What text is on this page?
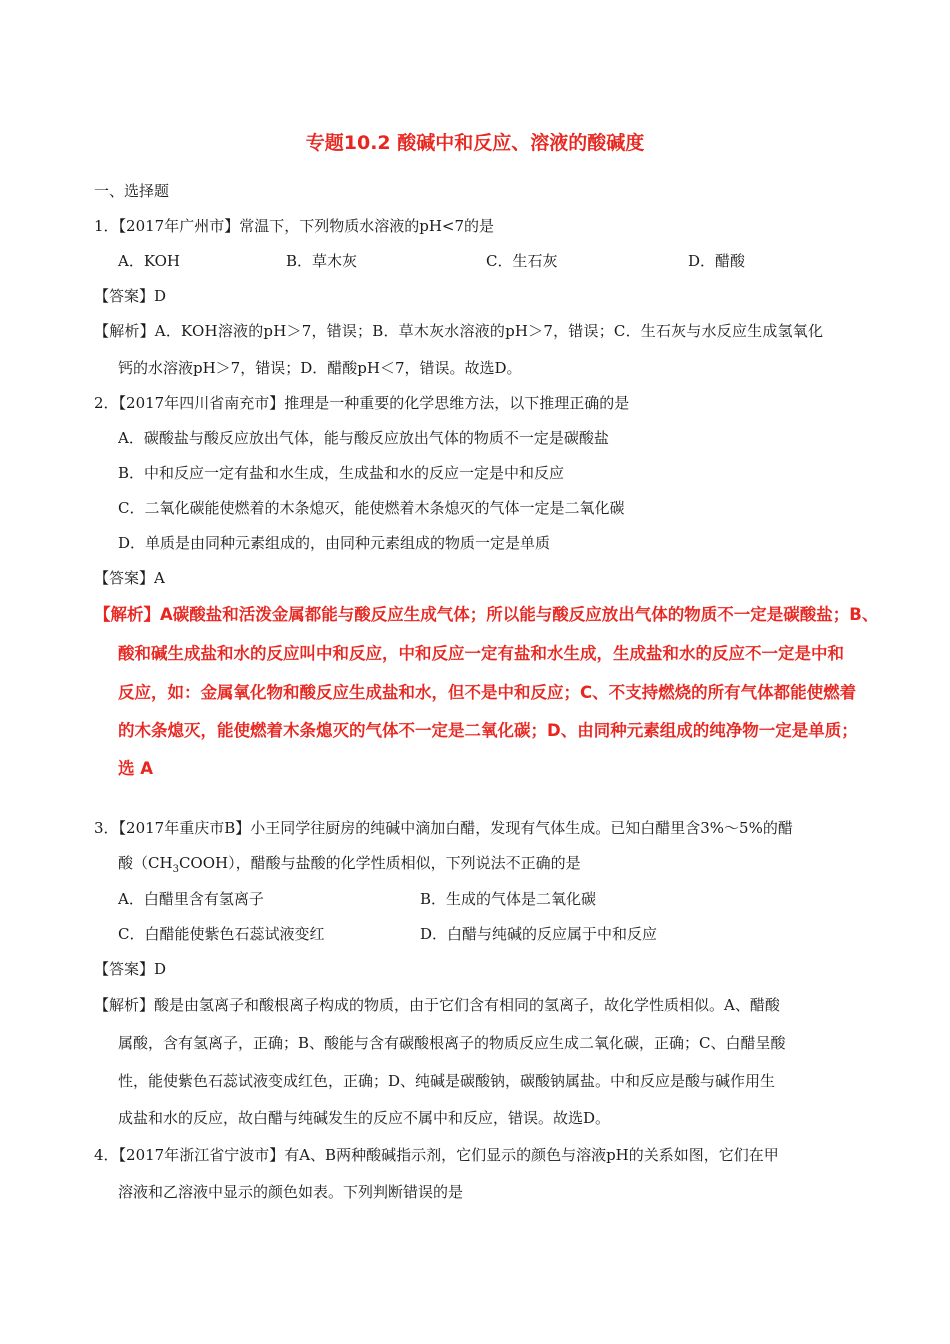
专题10.2 酸碱中和反应、溶液的酸碱度
一、选择题
1．【2017年广州市】常温下，下列物质水溶液的pH<7的是
A．KOH	B．草木灰	C．生石灰	D．醋酸
【答案】D
【解析】A．KOH溶液的pH＞7，错误；B．草木灰水溶液的pH＞7，错误；C．生石灰与水反应生成氢氧化
钙的水溶液pH＞7，错误；D．醋酸pH＜7，错误。故选D。
2．【2017年四川省南充市】推理是一种重要的化学思维方法，以下推理正确的是
A．碳酸盐与酸反应放出气体，能与酸反应放出气体的物质不一定是碳酸盐
B．中和反应一定有盐和水生成，生成盐和水的反应一定是中和反应
C．二氧化碳能使燃着的木条熄灭，能使燃着木条熄灭的气体一定是二氧化碳
D．单质是由同种元素组成的，由同种元素组成的物质一定是单质
【答案】A
【解析】A碳酸盐和活泼金属都能与酸反应生成气体；所以能与酸反应放出气体的物质不一定是碳酸盐；B、
酸和碱生成盐和水的反应叫中和反应，中和反应一定有盐和水生成，生成盐和水的反应不一定是中和
反应，如：金属氧化物和酸反应生成盐和水，但不是中和反应；C、不支持燃烧的所有气体都能使燃着
的木条熄灭，能使燃着木条熄灭的气体不一定是二氧化碳；D、由同种元素组成的纯净物一定是单质；
选 A
3．【2017年重庆市B】小王同学往厨房的纯碱中滴加白醋，发现有气体生成。已知白醋里含3%～5%的醋
酸$(CH_3COOH)$，醋酸与盐酸的化学性质相似，下列说法不正确的是
A．白醋里含有氢离子	B．生成的气体是二氧化碳
C．白醋能使紫色石蕊试液变红	D．白醋与纯碱的反应属于中和反应
【答案】D
【解析】酸是由氢离子和酸根离子构成的物质，由于它们含有相同的氢离子，故化学性质相似。A、醋酸
属酸，含有氢离子，正确；B、酸能与含有碳酸根离子的物质反应生成二氧化碳，正确；C、白醋呈酸
性，能使紫色石蕊试液变成红色，正确；D、纯碱是碳酸钠，碳酸钠属盐。中和反应是酸与碱作用生
成盐和水的反应，故白醋与纯碱发生的反应不属中和反应，错误。故选D。
4．【2017年浙江省宁波市】有A、B两种酸碱指示剂，它们显示的颜色与溶液pH的关系如图，它们在甲
溶液和乙溶液中显示的颜色如表。下列判断错误的是
